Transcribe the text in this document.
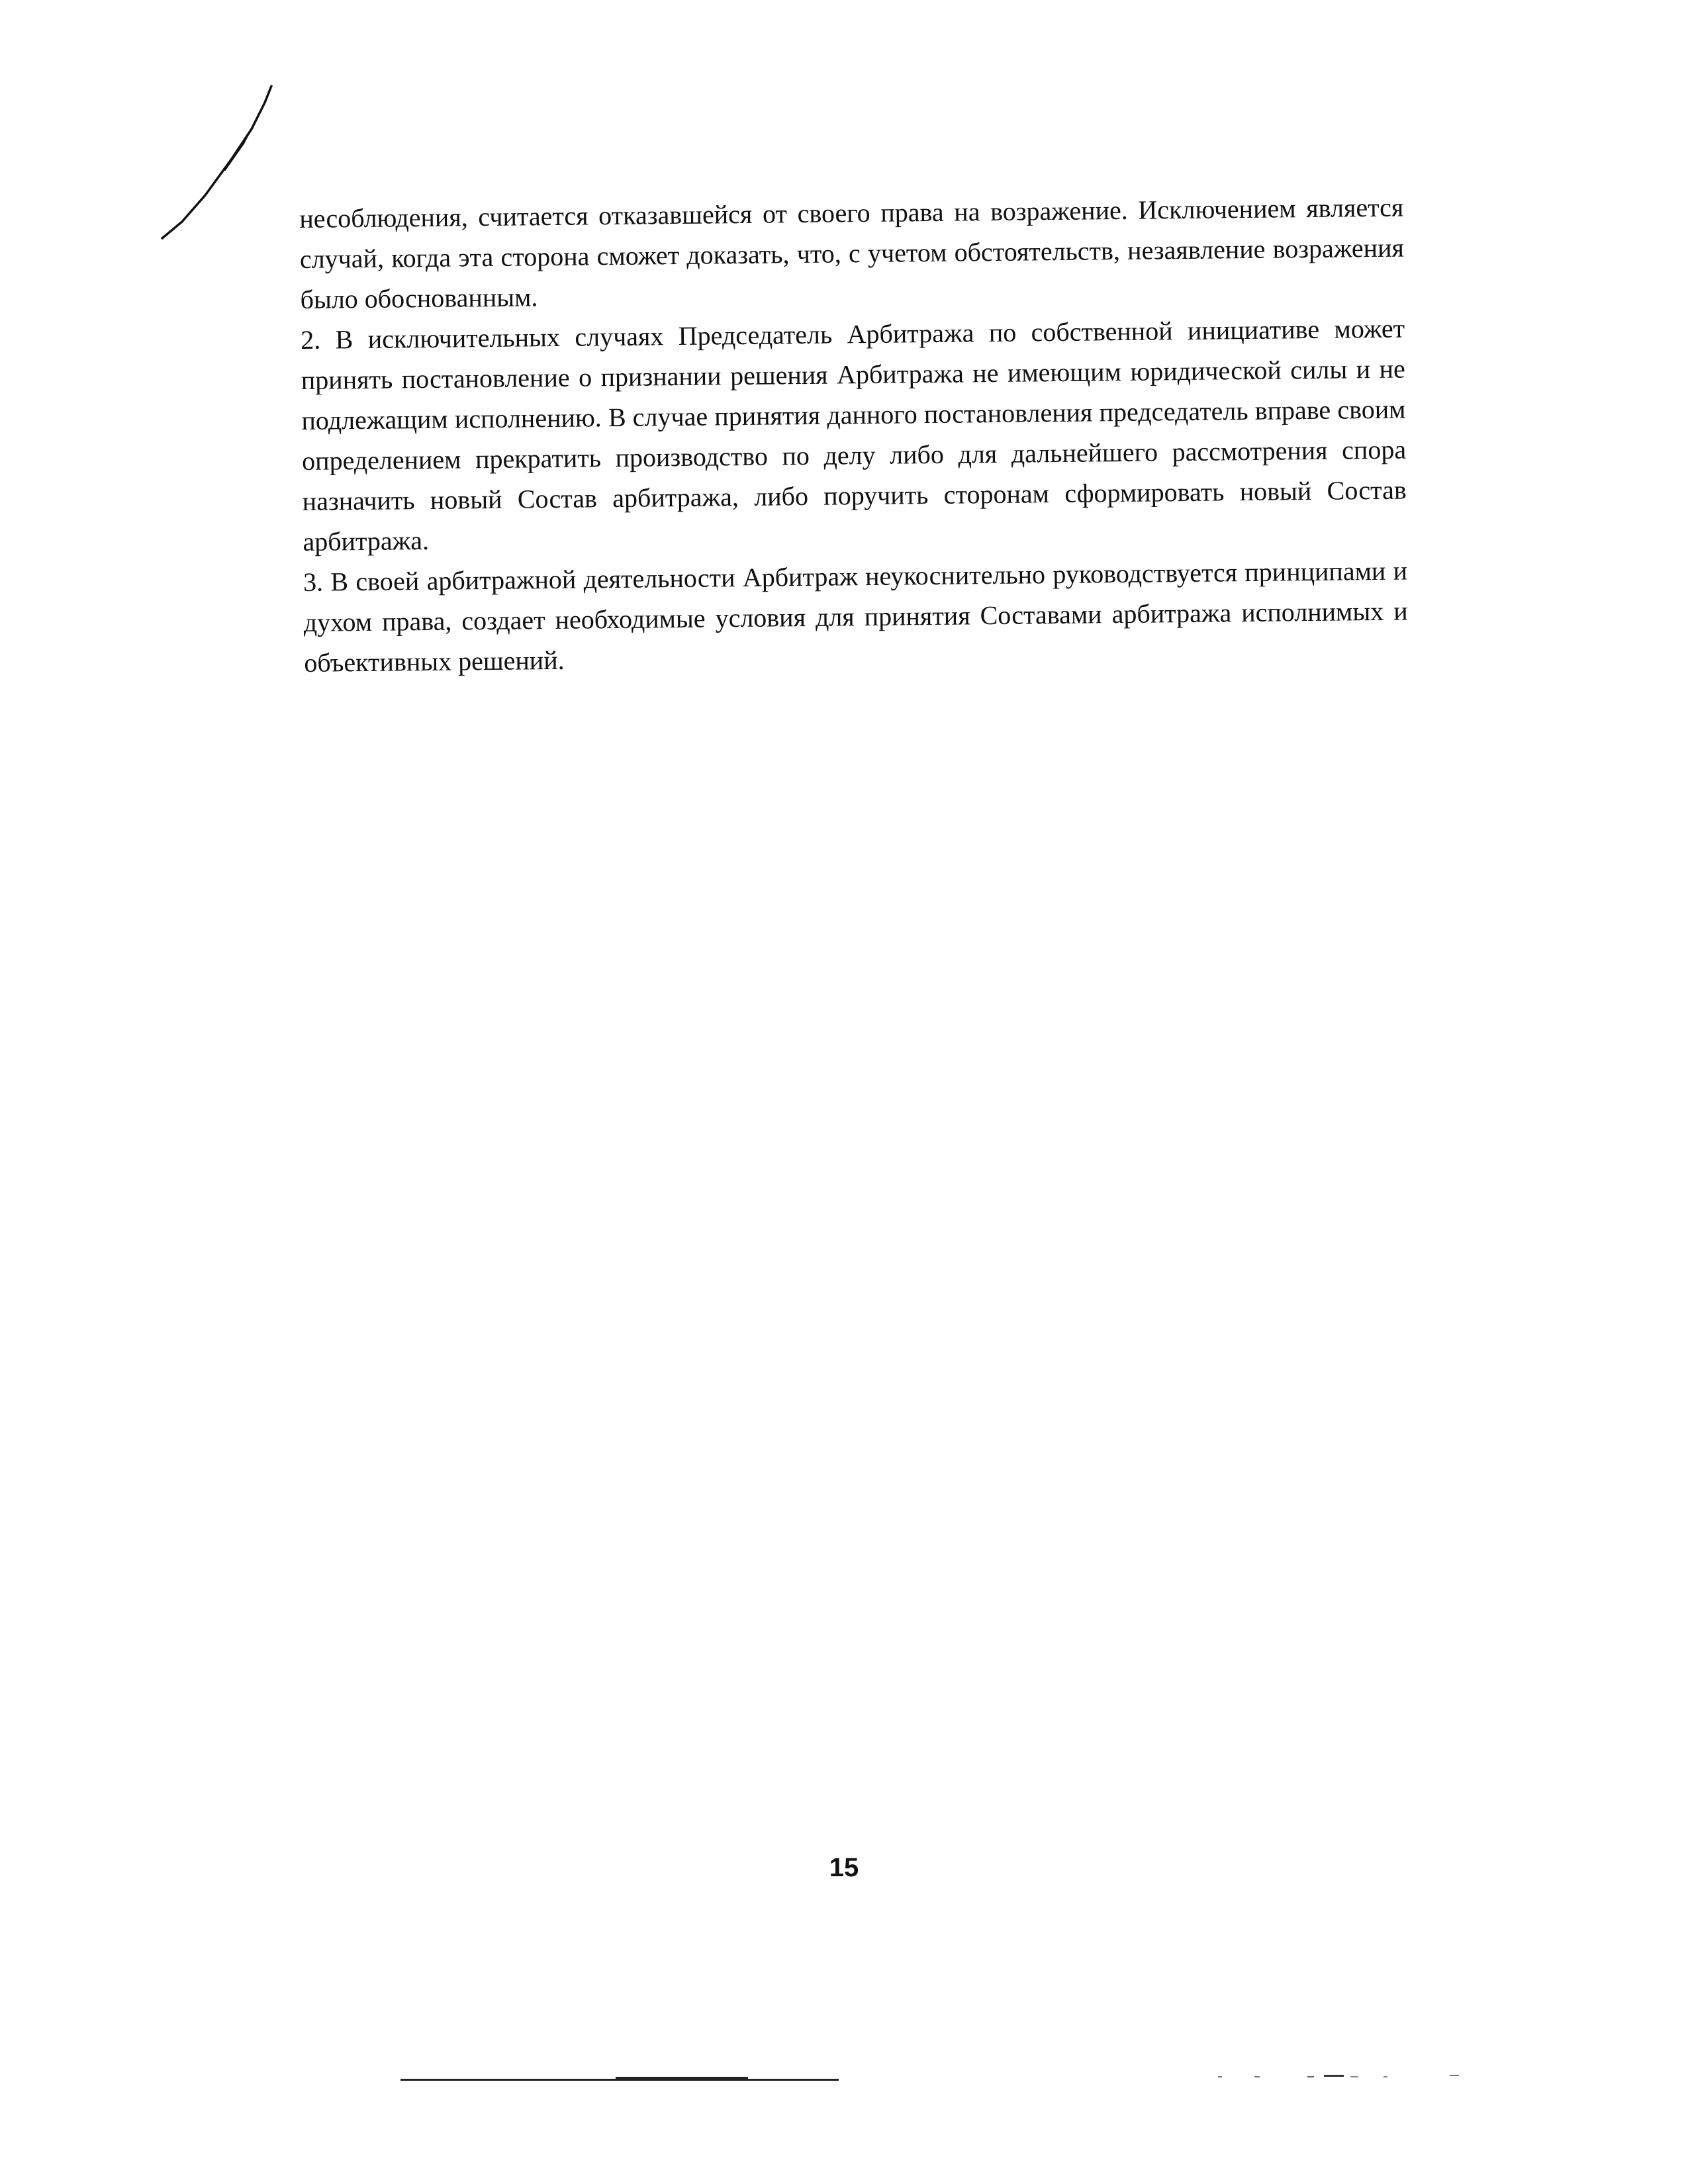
несоблюдения, считается отказавшейся от своего права на возражение. Исключением является случай, когда эта сторона сможет доказать, что, с учетом обстоятельств, незаявление возражения было обоснованным.

2. В исключительных случаях Председатель Арбитража по собственной инициативе может принять постановление о признании решения Арбитража не имеющим юридической силы и не подлежащим исполнению. В случае принятия данного постановления председатель вправе своим определением прекратить производство по делу либо для дальнейшего рассмотрения спора назначить новый Состав арбитража, либо поручить сторонам сформировать новый Состав арбитража.

3. В своей арбитражной деятельности Арбитраж неукоснительно руководствуется принципами и духом права, создает необходимые условия для принятия Составами арбитража исполнимых и объективных решений.

15
